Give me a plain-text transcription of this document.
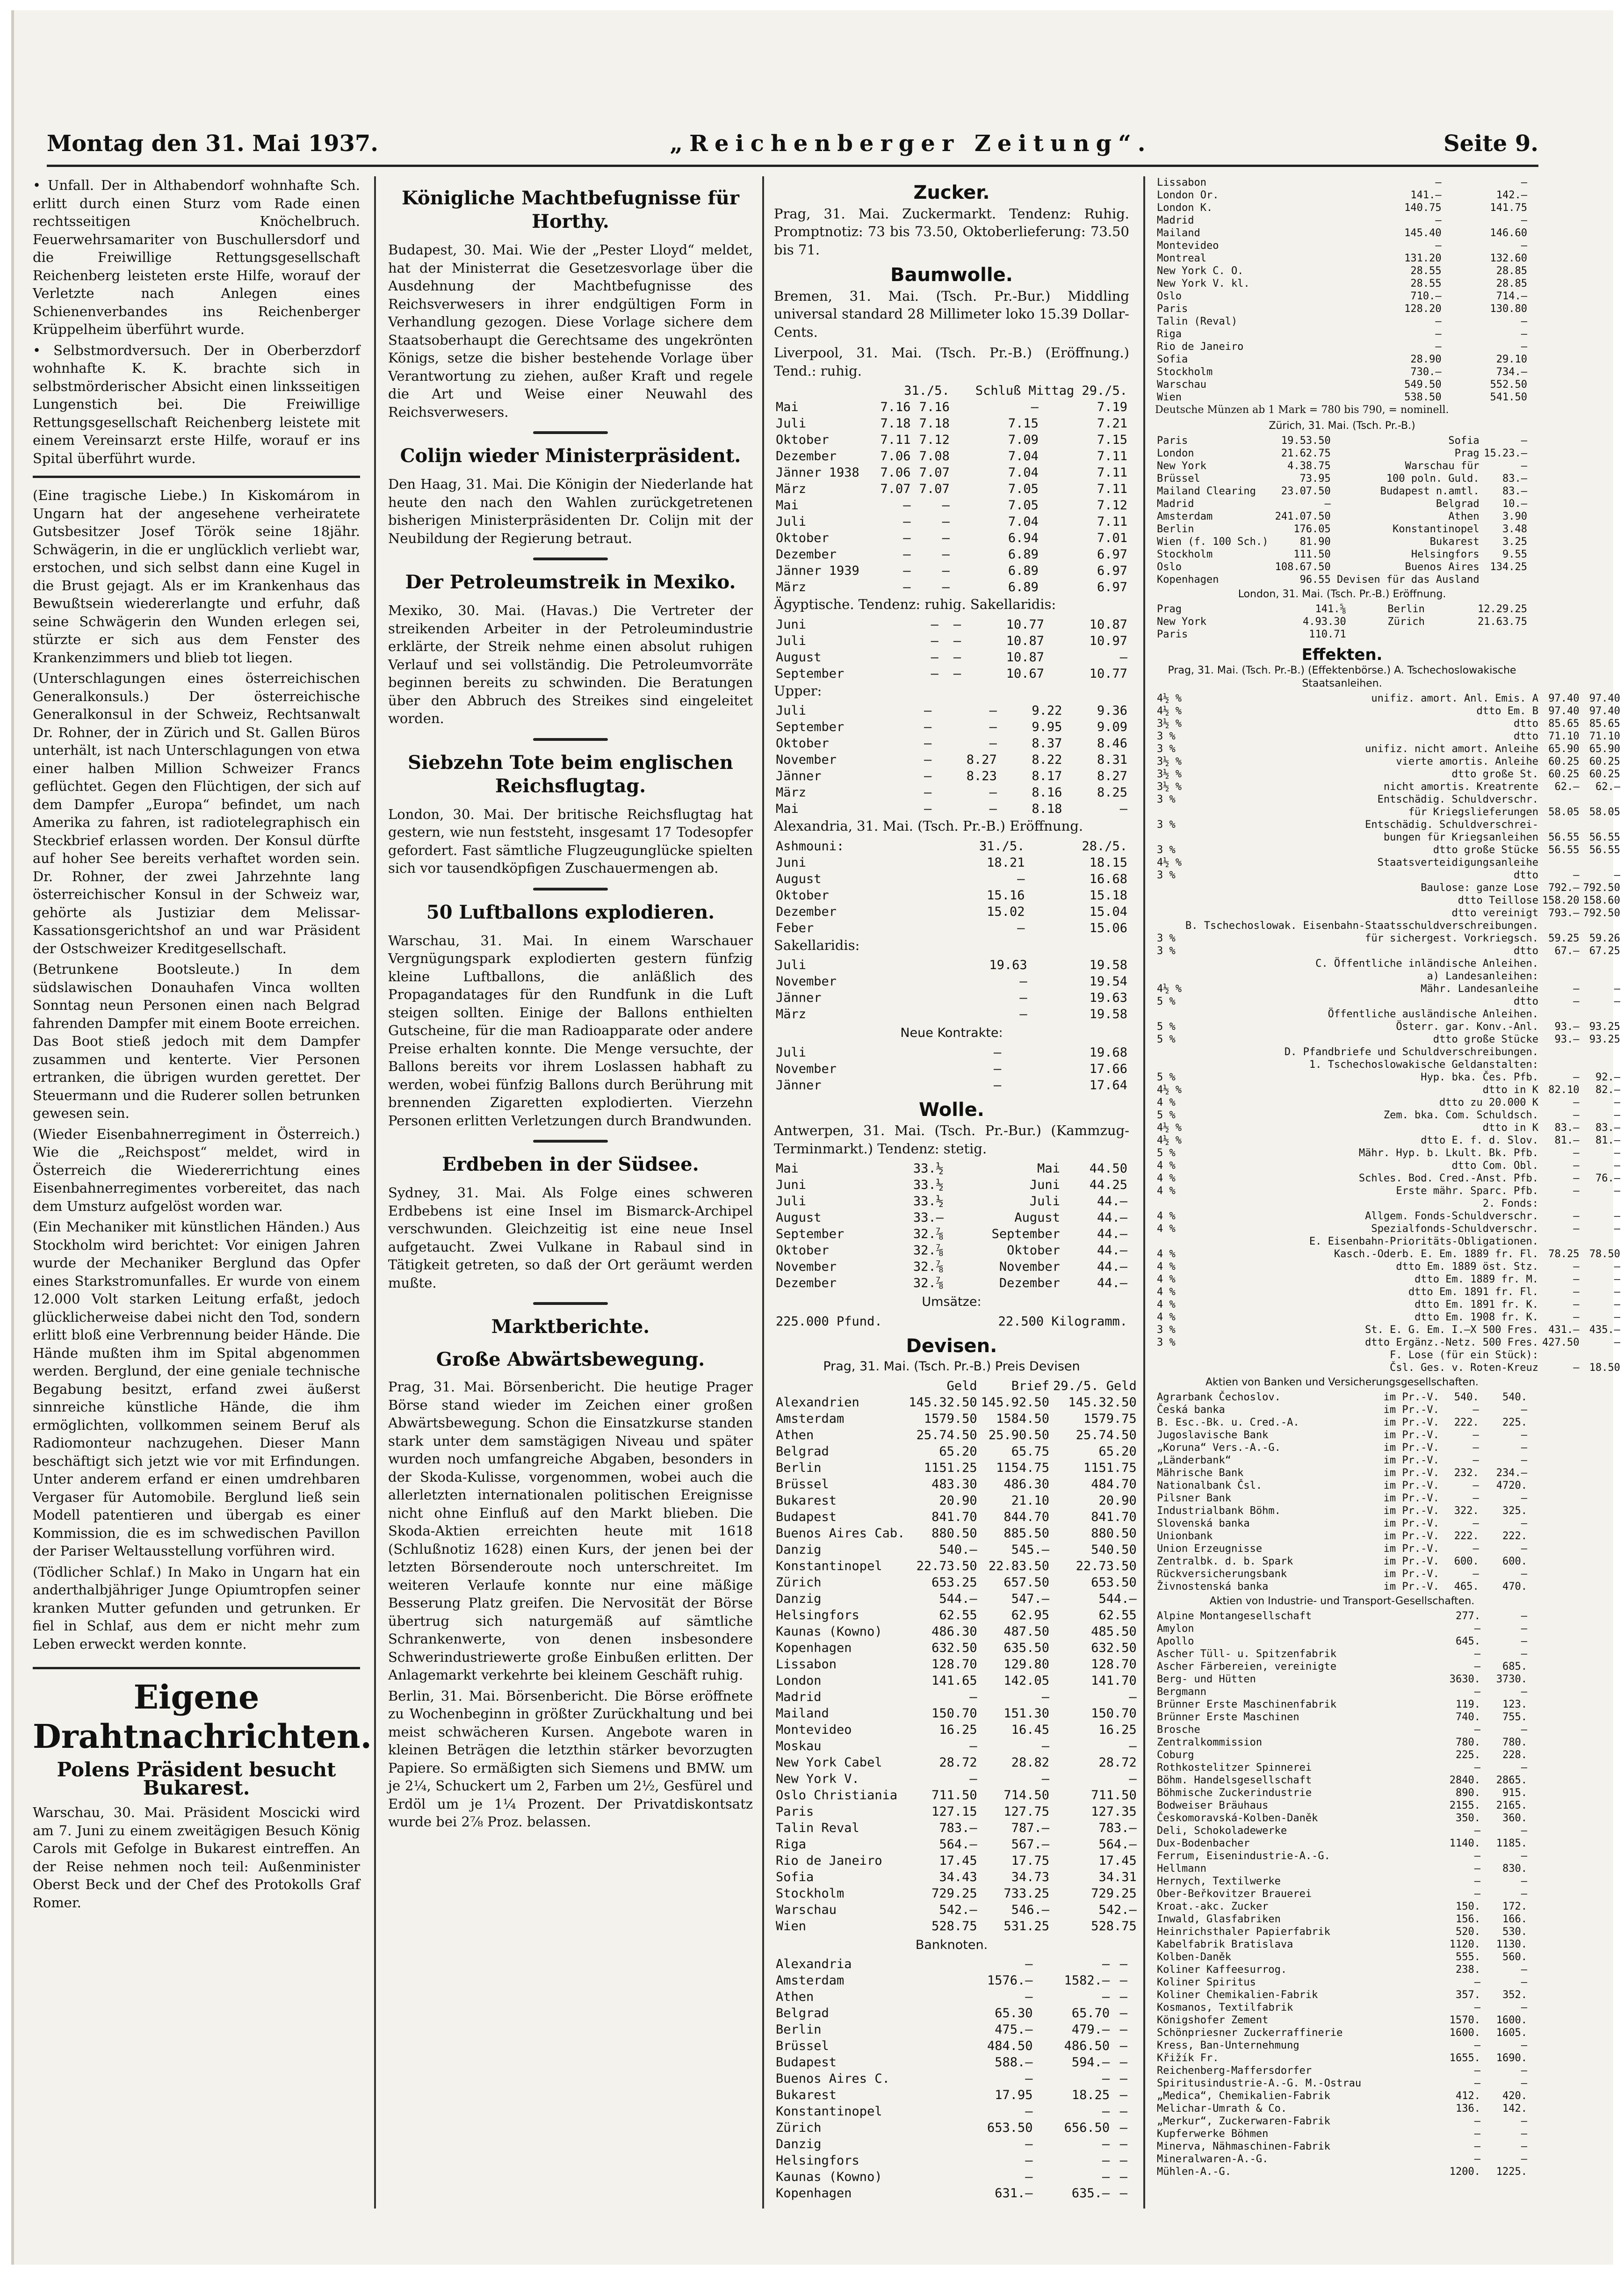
Montag den 31. Mai 1937.	„Reichenberger Zeitung“.	Seite 9.

• Unfall. Der in Althabendorf wohnhafte Sch. erlitt durch einen Sturz vom Rade einen rechtsseitigen Knöchelbruch. Feuerwehrsamariter von Buschullersdorf und die Freiwillige Rettungsgesellschaft Reichenberg leisteten erste Hilfe, worauf der Verletzte nach Anlegen eines Schienenverbandes ins Reichenberger Krüppelheim überführt wurde.

• Selbstmordversuch. Der in Oberberzdorf wohnhafte K. K. brachte sich in selbstmörderischer Absicht einen linksseitigen Lungenstich bei. Die Freiwillige Rettungsgesellschaft Reichenberg leistete mit einem Vereinsarzt erste Hilfe, worauf er ins Spital überführt wurde.

(Eine tragische Liebe.) In Kiskomárom in Ungarn hat der angesehene verheiratete Gutsbesitzer Josef Török seine 18jähr. Schwägerin, in die er unglücklich verliebt war, erstochen, und sich selbst dann eine Kugel in die Brust gejagt. Als er im Krankenhaus das Bewußtsein wiedererlangte und erfuhr, daß seine Schwägerin den Wunden erlegen sei, stürzte er sich aus dem Fenster des Krankenzimmers und blieb tot liegen.

(Unterschlagungen eines österreichischen Generalkonsuls.) Der österreichische Generalkonsul in der Schweiz, Rechtsanwalt Dr. Rohner, der in Zürich und St. Gallen Büros unterhält, ist nach Unterschlagungen von etwa einer halben Million Schweizer Francs geflüchtet. Gegen den Flüchtigen, der sich auf dem Dampfer „Europa“ befindet, um nach Amerika zu fahren, ist radiotelegraphisch ein Steckbrief erlassen worden. Der Konsul dürfte auf hoher See bereits verhaftet worden sein. Dr. Rohner, der zwei Jahrzehnte lang österreichischer Konsul in der Schweiz war, gehörte als Justiziar dem Melissar-Kassationsgerichtshof an und war Präsident der Ostschweizer Kreditgesellschaft.

(Betrunkene Bootsleute.) In dem südslawischen Donauhafen Vinca wollten Sonntag neun Personen einen nach Belgrad fahrenden Dampfer mit einem Boote erreichen. Das Boot stieß jedoch mit dem Dampfer zusammen und kenterte. Vier Personen ertranken, die übrigen wurden gerettet. Der Steuermann und die Ruderer sollen betrunken gewesen sein.

(Wieder Eisenbahnerregiment in Österreich.) Wie die „Reichspost“ meldet, wird in Österreich die Wiedererrichtung eines Eisenbahnerregimentes vorbereitet, das nach dem Umsturz aufgelöst worden war.

(Ein Mechaniker mit künstlichen Händen.) Aus Stockholm wird berichtet: Vor einigen Jahren wurde der Mechaniker Berglund das Opfer eines Starkstromunfalles. Er wurde von einem 12.000 Volt starken Leitung erfaßt, jedoch glücklicherweise dabei nicht den Tod, sondern erlitt bloß eine Verbrennung beider Hände. Die Hände mußten ihm im Spital abgenommen werden. Berglund, der eine geniale technische Begabung besitzt, erfand zwei äußerst sinnreiche künstliche Hände, die ihm ermöglichten, vollkommen seinem Beruf als Radiomonteur nachzugehen. Dieser Mann beschäftigt sich jetzt wie vor mit Erfindungen. Unter anderem erfand er einen umdrehbaren Vergaser für Automobile. Berglund ließ sein Modell patentieren und übergab es einer Kommission, die es im schwedischen Pavillon der Pariser Weltausstellung vorführen wird.

(Tödlicher Schlaf.) In Mako in Ungarn hat ein anderthalbjähriger Junge Opiumtropfen seiner kranken Mutter gefunden und getrunken. Er fiel in Schlaf, aus dem er nicht mehr zum Leben erweckt werden konnte.

Eigene Drahtnachrichten.
Polens Präsident besucht Bukarest.

Warschau, 30. Mai. Präsident Moscicki wird am 7. Juni zu einem zweitägigen Besuch König Carols mit Gefolge in Bukarest eintreffen. An der Reise nehmen noch teil: Außenminister Oberst Beck und der Chef des Protokolls Graf Romer.

Königliche Machtbefugnisse für Horthy.

Budapest, 30. Mai. Wie der „Pester Lloyd“ meldet, hat der Ministerrat die Gesetzesvorlage über die Ausdehnung der Machtbefugnisse des Reichsverwesers in ihrer endgültigen Form in Verhandlung gezogen. Diese Vorlage sichere dem Staatsoberhaupt die Gerechtsame des ungekrönten Königs, setze die bisher bestehende Vorlage über Verantwortung zu ziehen, außer Kraft und regele die Art und Weise einer Neuwahl des Reichsverwesers.

Colijn wieder Ministerpräsident.

Den Haag, 31. Mai. Die Königin der Niederlande hat heute den nach den Wahlen zurückgetretenen bisherigen Ministerpräsidenten Dr. Colijn mit der Neubildung der Regierung betraut.

Der Petroleumstreik in Mexiko.

Mexiko, 30. Mai. (Havas.) Die Vertreter der streikenden Arbeiter in der Petroleumindustrie erklärte, der Streik nehme einen absolut ruhigen Verlauf und sei vollständig. Die Petroleumvorräte beginnen bereits zu schwinden. Die Beratungen über den Abbruch des Streikes sind eingeleitet worden.

Siebzehn Tote beim englischen Reichsflugtag.

London, 30. Mai. Der britische Reichsflugtag hat gestern, wie nun feststeht, insgesamt 17 Todesopfer gefordert. Fast sämtliche Flugzeugunglücke spielten sich vor tausendköpfigen Zuschauermengen ab.

50 Luftballons explodieren.

Warschau, 31. Mai. In einem Warschauer Vergnügungspark explodierten gestern fünfzig kleine Luftballons, die anläßlich des Propagandatages für den Rundfunk in die Luft steigen sollten. Einige der Ballons enthielten Gutscheine, für die man Radioapparate oder andere Preise erhalten konnte. Die Menge versuchte, der Ballons bereits vor ihrem Loslassen habhaft zu werden, wobei fünfzig Ballons durch Berührung mit brennenden Zigaretten explodierten. Vierzehn Personen erlitten Verletzungen durch Brandwunden.

Erdbeben in der Südsee.

Sydney, 31. Mai. Als Folge eines schweren Erdbebens ist eine Insel im Bismarck-Archipel verschwunden. Gleichzeitig ist eine neue Insel aufgetaucht. Zwei Vulkane in Rabaul sind in Tätigkeit getreten, so daß der Ort geräumt werden mußte.

Marktberichte.
Große Abwärtsbewegung.

Prag, 31. Mai. Börsenbericht. Die heutige Prager Börse stand wieder im Zeichen einer großen Abwärtsbewegung. Schon die Einsatzkurse standen stark unter dem samstägigen Niveau und später wurden noch umfangreiche Abgaben, besonders in der Skoda-Kulisse, vorgenommen, wobei auch die allerletzten internationalen politischen Ereignisse nicht ohne Einfluß auf den Markt blieben. Die Skoda-Aktien erreichten heute mit 1618 (Schlußnotiz 1628) einen Kurs, der jenen bei der letzten Börsenderoute noch unterschreitet. Im weiteren Verlaufe konnte nur eine mäßige Besserung Platz greifen. Die Nervosität der Börse übertrug sich naturgemäß auf sämtliche Schrankenwerte, von denen insbesondere Schwerindustriewerte große Einbußen erlitten. Der Anlagemarkt verkehrte bei kleinem Geschäft ruhig.

Berlin, 31. Mai. Börsenbericht. Die Börse eröffnete zu Wochenbeginn in größter Zurückhaltung und bei meist schwächeren Kursen. Angebote waren in kleinen Beträgen die letzthin stärker bevorzugten Papiere. So ermäßigten sich Siemens und BMW. um je 2¼, Schuckert um 2, Farben um 2½, Gesfürel und Erdöl um je 1¼ Prozent. Der Privatdiskontsatz wurde bei 2⅞ Proz. belassen.

Zucker.

Prag, 31. Mai. Zuckermarkt. Tendenz: Ruhig. Promptnotiz: 73 bis 73.50, Oktoberlieferung: 73.50 bis 71.

Baumwolle.

Bremen, 31. Mai. (Tsch. Pr.-Bur.) Middling universal standard 28 Millimeter loko 15.39 Dollar-Cents.

Liverpool, 31. Mai. (Tsch. Pr.-B.) (Eröffnung.) Tend.: ruhig.

	31./5.		Schluß Mittag 29./5.	
Mai	7.16	7.16	—	7.19
Juli	7.18	7.18	7.15	7.21
Oktober	7.11	7.12	7.09	7.15
Dezember	7.06	7.08	7.04	7.11
Jänner 1938	7.06	7.07	7.04	7.11
März	7.07	7.07	7.05	7.11
Mai	—	—	7.05	7.12
Juli	—	—	7.04	7.11
Oktober	—	—	6.94	7.01
Dezember	—	—	6.89	6.97
Jänner 1939	—	—	6.89	6.97
März	—	—	6.89	6.97

Ägyptische. Tendenz: ruhig. Sakellaridis:

Juni	—	—	10.77	10.87
Juli	—	—	10.87	10.97
August	—	—	10.87	—
September	—	—	10.67	10.77

Upper:

Juli	—	—	9.22	9.36
September	—	—	9.95	9.09
Oktober	—	—	8.37	8.46
November	—	8.27	8.22	8.31
Jänner	—	8.23	8.17	8.27
März	—	—	8.16	8.25
Mai	—	—	8.18	—

Alexandria, 31. Mai. (Tsch. Pr.-B.) Eröffnung.

Ashmouni:	31./5.	28./5.
Juni	18.21	18.15
August	—	16.68
Oktober	15.16	15.18
Dezember	15.02	15.04
Feber	—	15.06

Sakellaridis:

Juli	19.63	19.58
November	—	19.54
Jänner	—	19.63
März	—	19.58
Neue Kontrakte:
Juli	—	19.68
November	—	17.66
Jänner	—	17.64
Wolle.

Antwerpen, 31. Mai. (Tsch. Pr.-Bur.) (Kammzug-Terminmarkt.) Tendenz: stetig.

Mai	33.½	Mai	44.50
Juni	33.½	Juni	44.25
Juli	33.½	Juli	44.—
August	33.—	August	44.—
September	32.⅞	September	44.—
Oktober	32.⅞	Oktober	44.—
November	32.⅞	November	44.—
Dezember	32.⅞	Dezember	44.—
Umsätze:
225.000 Pfund.	22.500 Kilogramm.
Devisen.
Prag, 31. Mai. (Tsch. Pr.-B.) Preis Devisen
	Geld	Brief	29./5. Geld
Alexandrien	145.32.50	145.92.50	145.32.50
Amsterdam	1579.50	1584.50	1579.75
Athen	25.74.50	25.90.50	25.74.50
Belgrad	65.20	65.75	65.20
Berlin	1151.25	1154.75	1151.75
Brüssel	483.30	486.30	484.70
Bukarest	20.90	21.10	20.90
Budapest	841.70	844.70	841.70
Buenos Aires Cab.	880.50	885.50	880.50
Danzig	540.—	545.—	540.50
Konstantinopel	22.73.50	22.83.50	22.73.50
Zürich	653.25	657.50	653.50
Danzig	544.—	547.—	544.—
Helsingfors	62.55	62.95	62.55
Kaunas (Kowno)	486.30	487.50	485.50
Kopenhagen	632.50	635.50	632.50
Lissabon	128.70	129.80	128.70
London	141.65	142.05	141.70
Madrid	—	—	—
Mailand	150.70	151.30	150.70
Montevideo	16.25	16.45	16.25
Moskau	—	—	—
New York Cabel	28.72	28.82	28.72
New York V.	—	—	—
Oslo Christiania	711.50	714.50	711.50
Paris	127.15	127.75	127.35
Talin Reval	783.—	787.—	783.—
Riga	564.—	567.—	564.—
Rio de Janeiro	17.45	17.75	17.45
Sofia	34.43	34.73	34.31
Stockholm	729.25	733.25	729.25
Warschau	542.—	546.—	542.—
Wien	528.75	531.25	528.75
Banknoten.
Alexandria	—	—	—
Amsterdam	1576.—	1582.—	—
Athen	—	—	—
Belgrad	65.30	65.70	—
Berlin	475.—	479.—	—
Brüssel	484.50	486.50	—
Budapest	588.—	594.—	—
Buenos Aires C.	—	—	—
Bukarest	17.95	18.25	—
Konstantinopel	—	—	—
Zürich	653.50	656.50	—
Danzig	—	—	—
Helsingfors	—	—	—
Kaunas (Kowno)	—	—	—
Kopenhagen	631.—	635.—	—
Lissabon	—	—
London Or.	141.—	142.—
London K.	140.75	141.75
Madrid	—	—
Mailand	145.40	146.60
Montevideo	—	—
Montreal	131.20	132.60
New York C. O.	28.55	28.85
New York V. kl.	28.55	28.85
Oslo	710.—	714.—
Paris	128.20	130.80
Talin (Reval)	—	—
Riga	—	—
Rio de Janeiro	—	—
Sofia	28.90	29.10
Stockholm	730.—	734.—
Warschau	549.50	552.50
Wien	538.50	541.50

Deutsche Münzen ab 1 Mark = 780 bis 790, = nominell.

Zürich, 31. Mai. (Tsch. Pr.-B.)
Paris	19.53.50	Sofia	—
London	21.62.75	Prag	15.23.—
New York	4.38.75	Warschau für	—
Brüssel	73.95	100 poln. Guld.	83.—
Mailand Clearing	23.07.50	Budapest n.amtl.	83.—
Madrid	—	Belgrad	10.—
Amsterdam	241.07.50	Athen	3.90
Berlin	176.05	Konstantinopel	3.48
Wien (f. 100 Sch.)	81.90	Bukarest	3.25
Stockholm	111.50	Helsingfors	9.55
Oslo	108.67.50	Buenos Aires	134.25
Kopenhagen	96.55	Devisen für das Ausland	
London, 31. Mai. (Tsch. Pr.-B.) Eröffnung.
Prag	141.⅝	Berlin	12.29.25
New York	4.93.30	Zürich	21.63.75
Paris	110.71		
Effekten.
Prag, 31. Mai. (Tsch. Pr.-B.) (Effektenbörse.) A. Tschechoslowakische Staatsanleihen.
4½ %	unifiz. amort. Anl. Emis. A	97.40	97.40
4½ %	dtto Em. B	97.40	97.40
3½ %	dtto	85.65	85.65
3 %	dtto	71.10	71.10
3 %	unifiz. nicht amort. Anleihe	65.90	65.90
3½ %	vierte amortis. Anleihe	60.25	60.25
3½ %	dtto große St.	60.25	60.25
3½ %	nicht amortis. Kreatrente	62.—	62.—
3 %	Entschädig. Schuldverschr.		
	für Kriegslieferungen	58.05	58.05
3 %	Entschädig. Schuldverschrei-		
	bungen für Kriegsanleihen	56.55	56.55
3 %	dtto große Stücke	56.55	56.55
4½ %	Staatsverteidigungsanleihe		
3 %	dtto	—	—
	Baulose: ganze Lose	792.—	792.50
	dtto Teillose	158.20	158.60
	dtto vereinigt	793.—	792.50
	B. Tschechoslowak. Eisenbahn-Staatsschuldverschreibungen.		
3 %	für sichergest. Vorkriegsch.	59.25	59.26
3 %	dtto	67.—	67.25
	C. Öffentliche inländische Anleihen.		
	a) Landesanleihen:		
4½ %	Mähr. Landesanleihe	—	—
5 %	dtto	—	—
	Öffentliche ausländische Anleihen.		
5 %	Österr. gar. Konv.-Anl.	93.—	93.25
5 %	dtto große Stücke	93.—	93.25
	D. Pfandbriefe und Schuldverschreibungen.		
	1. Tschechoslowakische Geldanstalten:		
5 %	Hyp. bka. Čes. Pfb.	—	92.—
4½ %	dtto in K	82.10	82.—
4 %	dtto zu 20.000 K	—	—
5 %	Zem. bka. Com. Schuldsch.	—	—
4½ %	dtto in K	83.—	83.—
4½ %	dtto E. f. d. Slov.	81.—	81.—
5 %	Mähr. Hyp. b. Lkult. Bk. Pfb.	—	—
4 %	dtto Com. Obl.	—	—
4 %	Schles. Bod. Cred.-Anst. Pfb.	—	76.—
4 %	Erste mähr. Sparc. Pfb.	—	—
	2. Fonds:		
4 %	Allgem. Fonds-Schuldverschr.	—	—
4 %	Spezialfonds-Schuldverschr.	—	—
	E. Eisenbahn-Prioritäts-Obligationen.		
4 %	Kasch.-Oderb. E. Em. 1889 fr. Fl.	78.25	78.50
4 %	dtto Em. 1889 öst. Stz.	—	—
4 %	dtto Em. 1889 fr. M.	—	—
4 %	dtto Em. 1891 fr. Fl.	—	—
4 %	dtto Em. 1891 fr. K.	—	—
4 %	dtto Em. 1908 fr. K.	—	—
3 %	St. E. G. Em. I.—X 500 Fres.	431.—	435.—
3 %	dtto Ergänz.-Netz. 500 Fres.	427.50	—
	F. Lose (für ein Stück):		
	Čsl. Ges. v. Roten-Kreuz	—	18.50
Aktien von Banken und Versicherungsgesellschaften.
Agrarbank Čechoslov.	im Pr.-V.	540.	540.
Česká banka	im Pr.-V.	—	—
B. Esc.-Bk. u. Cred.-A.	im Pr.-V.	222.	225.
Jugoslavische Bank	im Pr.-V.	—	—
„Koruna“ Vers.-A.-G.	im Pr.-V.	—	—
„Länderbank“	im Pr.-V.	—	—
Mährische Bank	im Pr.-V.	232.	234.—
Nationalbank Čsl.	im Pr.-V.	—	4720.
Pilsner Bank	im Pr.-V.	—	—
Industrialbank Böhm.	im Pr.-V.	322.	325.
Slovenská banka	im Pr.-V.	—	—
Unionbank	im Pr.-V.	222.	222.
Union Erzeugnisse	im Pr.-V.	—	—
Zentralbk. d. b. Spark	im Pr.-V.	600.	600.
Rückversicherungsbank	im Pr.-V.	—	—
Živnostenská banka	im Pr.-V.	465.	470.
Aktien von Industrie- und Transport-Gesellschaften.
Alpine Montangesellschaft	277.	—
Amylon	—	—
Apollo	645.	—
Ascher Tüll- u. Spitzenfabrik	—	—
Ascher Färbereien, vereinigte	—	685.
Berg- und Hütten	3630.	3730.
Bergmann	—	—
Brünner Erste Maschinenfabrik	119.	123.
Brünner Erste Maschinen	740.	755.
Brosche	—	—
Zentralkommission	780.	780.
Coburg	225.	228.
Rothkostelitzer Spinnerei	—	—
Böhm. Handelsgesellschaft	2840.	2865.
Böhmische Zuckerindustrie	890.	915.
Bodweiser Bräuhaus	2155.	2165.
Českomoravská-Kolben-Daněk	350.	360.
Deli, Schokoladewerke	—	—
Dux-Bodenbacher	1140.	1185.
Ferrum, Eisenindustrie-A.-G.	—	—
Hellmann	—	830.
Hernych, Textilwerke	—	—
Ober-Beřkovitzer Brauerei	—	—
Kroat.-akc. Zucker	150.	172.
Inwald, Glasfabriken	156.	166.
Heinrichsthaler Papierfabrik	520.	530.
Kabelfabrik Bratislava	1120.	1130.
Kolben-Daněk	555.	560.
Koliner Kaffeesurrog.	238.	—
Koliner Spiritus	—	—
Koliner Chemikalien-Fabrik	357.	352.
Kosmanos, Textilfabrik	—	—
Königshofer Zement	1570.	1600.
Schönpriesner Zuckerraffinerie	1600.	1605.
Kress, Ban-Unternehmung	—	—
Křižík Fr.	1655.	1690.
Reichenberg-Maffersdorfer	—	—
Spiritusindustrie-A.-G. M.-Ostrau	—	—
„Medica“, Chemikalien-Fabrik	412.	420.
Melichar-Umrath & Co.	136.	142.
„Merkur“, Zuckerwaren-Fabrik	—	—
Kupferwerke Böhmen	—	—
Minerva, Nähmaschinen-Fabrik	—	—
Mineralwaren-A.-G.	—	—
Mühlen-A.-G.	1200.	1225.
